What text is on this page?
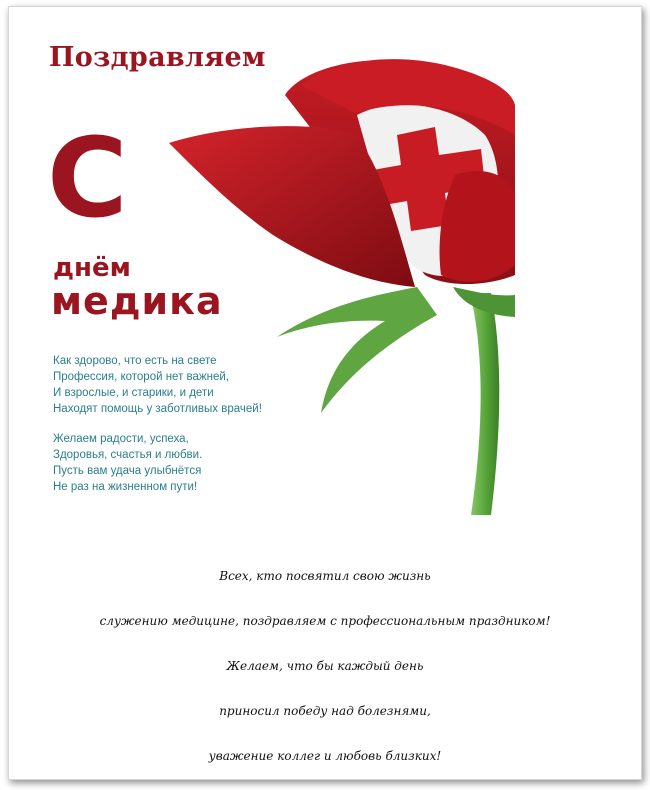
Поздравляем
С
днём
медика
Как здорово, что есть на свете
Профессия, которой нет важней,
И взрослые, и старики, и дети
Находят помощь у заботливых врачей!
Желаем радости, успеха,
Здоровья, счастья и любви.
Пусть вам удача улыбнётся
Не раз на жизненном пути!
Всех, кто посвятил свою жизнь
служению медицине, поздравляем с профессиональным праздником!
Желаем, что бы каждый день
приносил победу над болезнями,
уважение коллег и любовь близких!
